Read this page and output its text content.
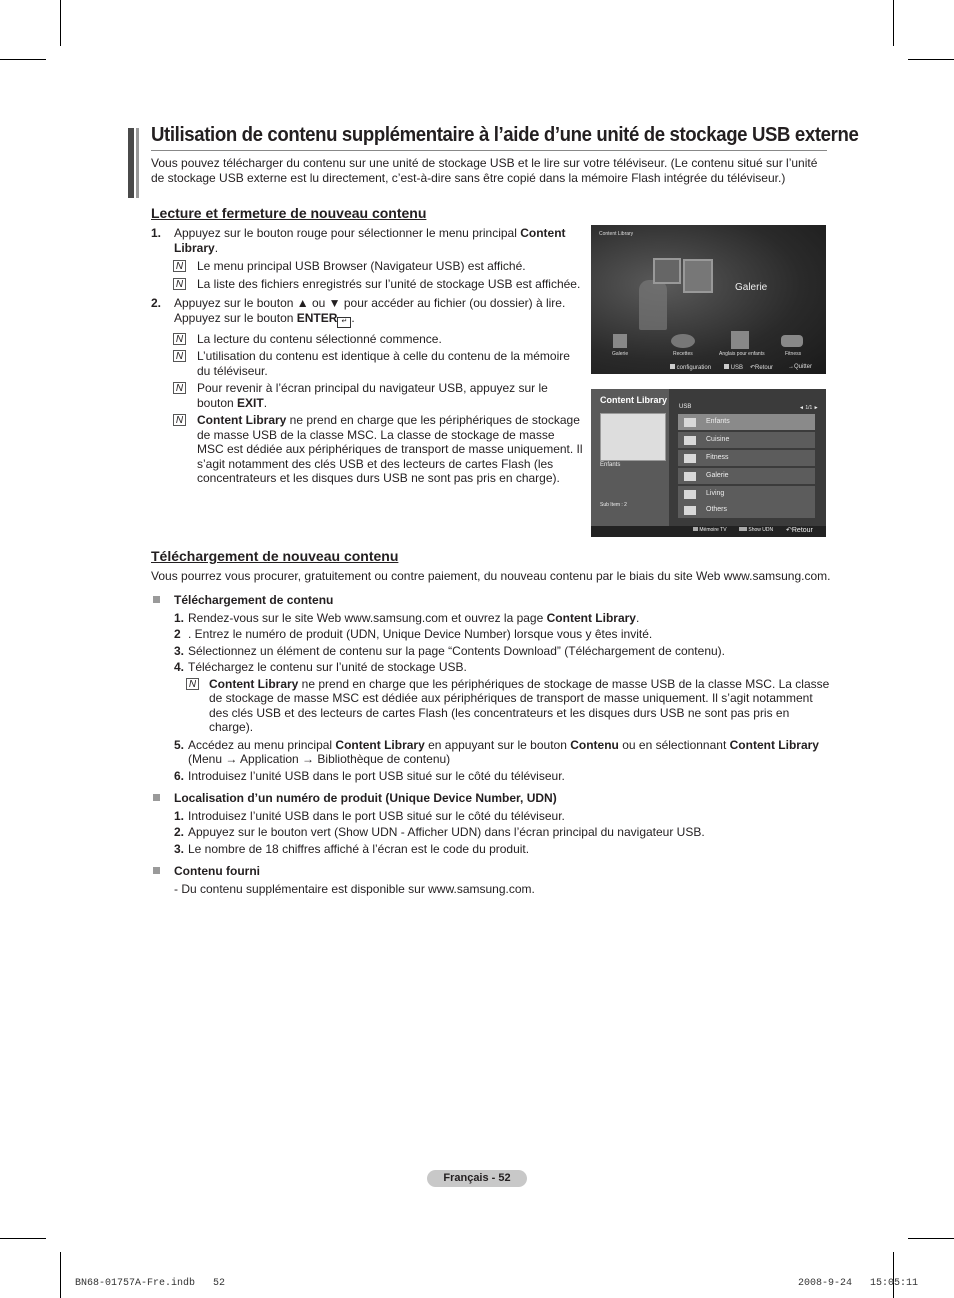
Utilisation de contenu supplémentaire à l’aide d’une unité de stockage USB externe

Vous pouvez télécharger du contenu sur une unité de stockage USB et le lire sur votre téléviseur. (Le contenu situé sur l’unité de stockage USB externe est lu directement, c’est-à-dire sans être copié dans la mémoire Flash intégrée du téléviseur.)

Lecture et fermeture de nouveau contenu
1. Appuyez sur le bouton rouge pour sélectionner le menu principal Content Library.
N Le menu principal USB Browser (Navigateur USB) est affiché.
N La liste des fichiers enregistrés sur l’unité de stockage USB est affichée.
2. Appuyez sur le bouton ▲ ou ▼ pour accéder au fichier (ou dossier) à lire. Appuyez sur le bouton ENTER ↵ .
N La lecture du contenu sélectionné commence.
N L’utilisation du contenu est identique à celle du contenu de la mémoire du téléviseur.
N Pour revenir à l’écran principal du navigateur USB, appuyez sur le bouton EXIT.
N Content Library ne prend en charge que les périphériques de stockage de masse USB de la classe MSC. La classe de stockage de masse MSC est dédiée aux périphériques de transport de masse uniquement. Il s’agit notamment des clés USB et des lecteurs de cartes Flash (les concentrateurs et les disques durs USB ne sont pas pris en charge).
Content Library
Galerie
Galerie	Recettes	Anglais pour enfants	Fitness
configuration	USB ↶Retour →Quitter
Content Library
Enfants
Sub Item : 2
USB	◄ 1/1 ►
Mémoire TV	Show UDN ↶Retour
Enfants
Cuisine
Fitness
Galerie
Living
Others
Téléchargement de nouveau contenu

Vous pourrez vous procurer, gratuitement ou contre paiement, du nouveau contenu par le biais du site Web www.samsung.com.

Téléchargement de contenu
1. Rendez-vous sur le site Web www.samsung.com et ouvrez la page Content Library.
2 . Entrez le numéro de produit (UDN, Unique Device Number) lorsque vous y êtes invité.
3. Sélectionnez un élément de contenu sur la page “Contents Download” (Téléchargement de contenu).
4. Téléchargez le contenu sur l’unité de stockage USB.
N Content Library ne prend en charge que les périphériques de stockage de masse USB de la classe MSC. La classe de stockage de masse MSC est dédiée aux périphériques de transport de masse uniquement. Il s’agit notamment des clés USB et des lecteurs de cartes Flash (les concentrateurs et les disques durs USB ne sont pas pris en charge).
5. Accédez au menu principal Content Library en appuyant sur le bouton Contenu ou en sélectionnant Content Library (Menu → Application → Bibliothèque de contenu)
6. Introduisez l’unité USB dans le port USB situé sur le côté du téléviseur.
Localisation d’un numéro de produit (Unique Device Number, UDN)
1. Introduisez l’unité USB dans le port USB situé sur le côté du téléviseur.
2. Appuyez sur le bouton vert (Show UDN - Afficher UDN) dans l’écran principal du navigateur USB.
3. Le nombre de 18 chiffres affiché à l’écran est le code du produit.
Contenu fourni
- Du contenu supplémentaire est disponible sur www.samsung.com.
Français - 52
BN68-01757A-Fre.indb   52	2008-9-24   15:05:11
